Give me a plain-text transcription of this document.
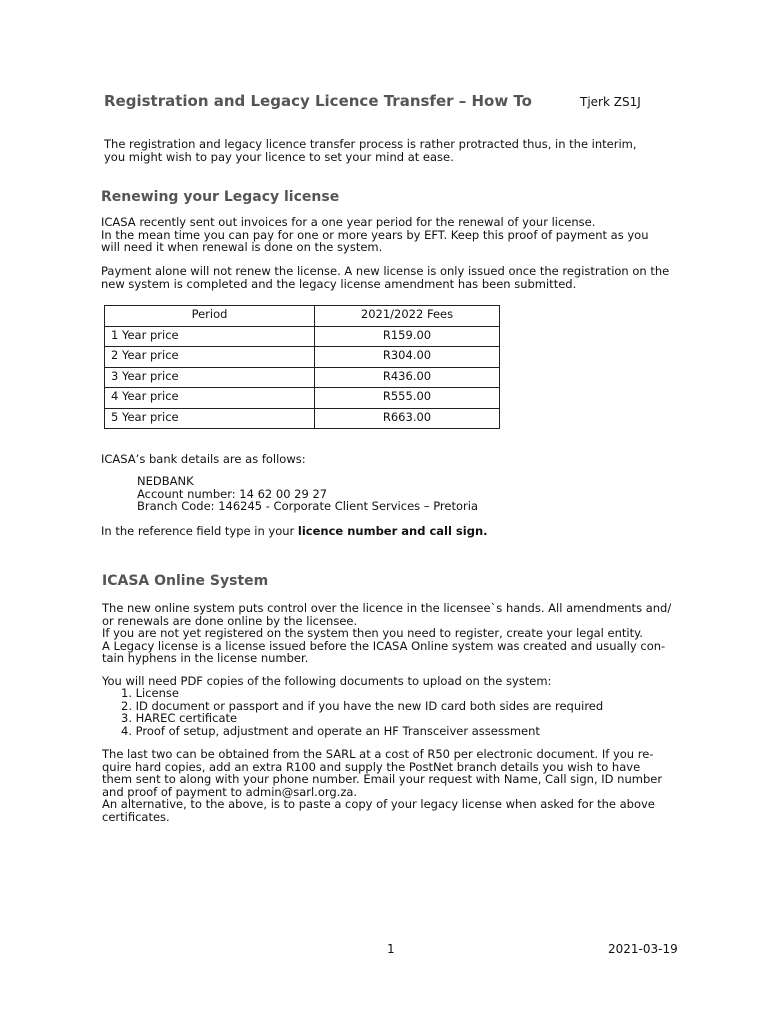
Registration and Legacy Licence Transfer – How To	Tjerk ZS1J
The registration and legacy licence transfer process is rather protracted thus, in the interim,
you might wish to pay your licence to set your mind at ease.
Renewing your Legacy license
ICASA recently sent out invoices for a one year period for the renewal of your license.
In the mean time you can pay for one or more years by EFT. Keep this proof of payment as you
will need it when renewal is done on the system.
Payment alone will not renew the license. A new license is only issued once the registration on the
new system is completed and the legacy license amendment has been submitted.
Period	2021/2022 Fees
1 Year price	R159.00
2 Year price	R304.00
3 Year price	R436.00
4 Year price	R555.00
5 Year price	R663.00
ICASA’s bank details are as follows:
NEDBANK
Account number: 14 62 00 29 27
Branch Code: 146245 - Corporate Client Services – Pretoria
In the reference field type in your licence number and call sign.
ICASA Online System
The new online system puts control over the licence in the licensee`s hands. All amendments and/
or renewals are done online by the licensee.
If you are not yet registered on the system then you need to register, create your legal entity.
A Legacy license is a license issued before the ICASA Online system was created and usually con-
tain hyphens in the license number.
You will need PDF copies of the following documents to upload on the system:
1. License
2. ID document or passport and if you have the new ID card both sides are required
3. HAREC certificate
4. Proof of setup, adjustment and operate an HF Transceiver assessment
The last two can be obtained from the SARL at a cost of R50 per electronic document. If you re-
quire hard copies, add an extra R100 and supply the PostNet branch details you wish to have
them sent to along with your phone number. Email your request with Name, Call sign, ID number
and proof of payment to admin@sarl.org.za.
An alternative, to the above, is to paste a copy of your legacy license when asked for the above
certificates.
1	2021-03-19
